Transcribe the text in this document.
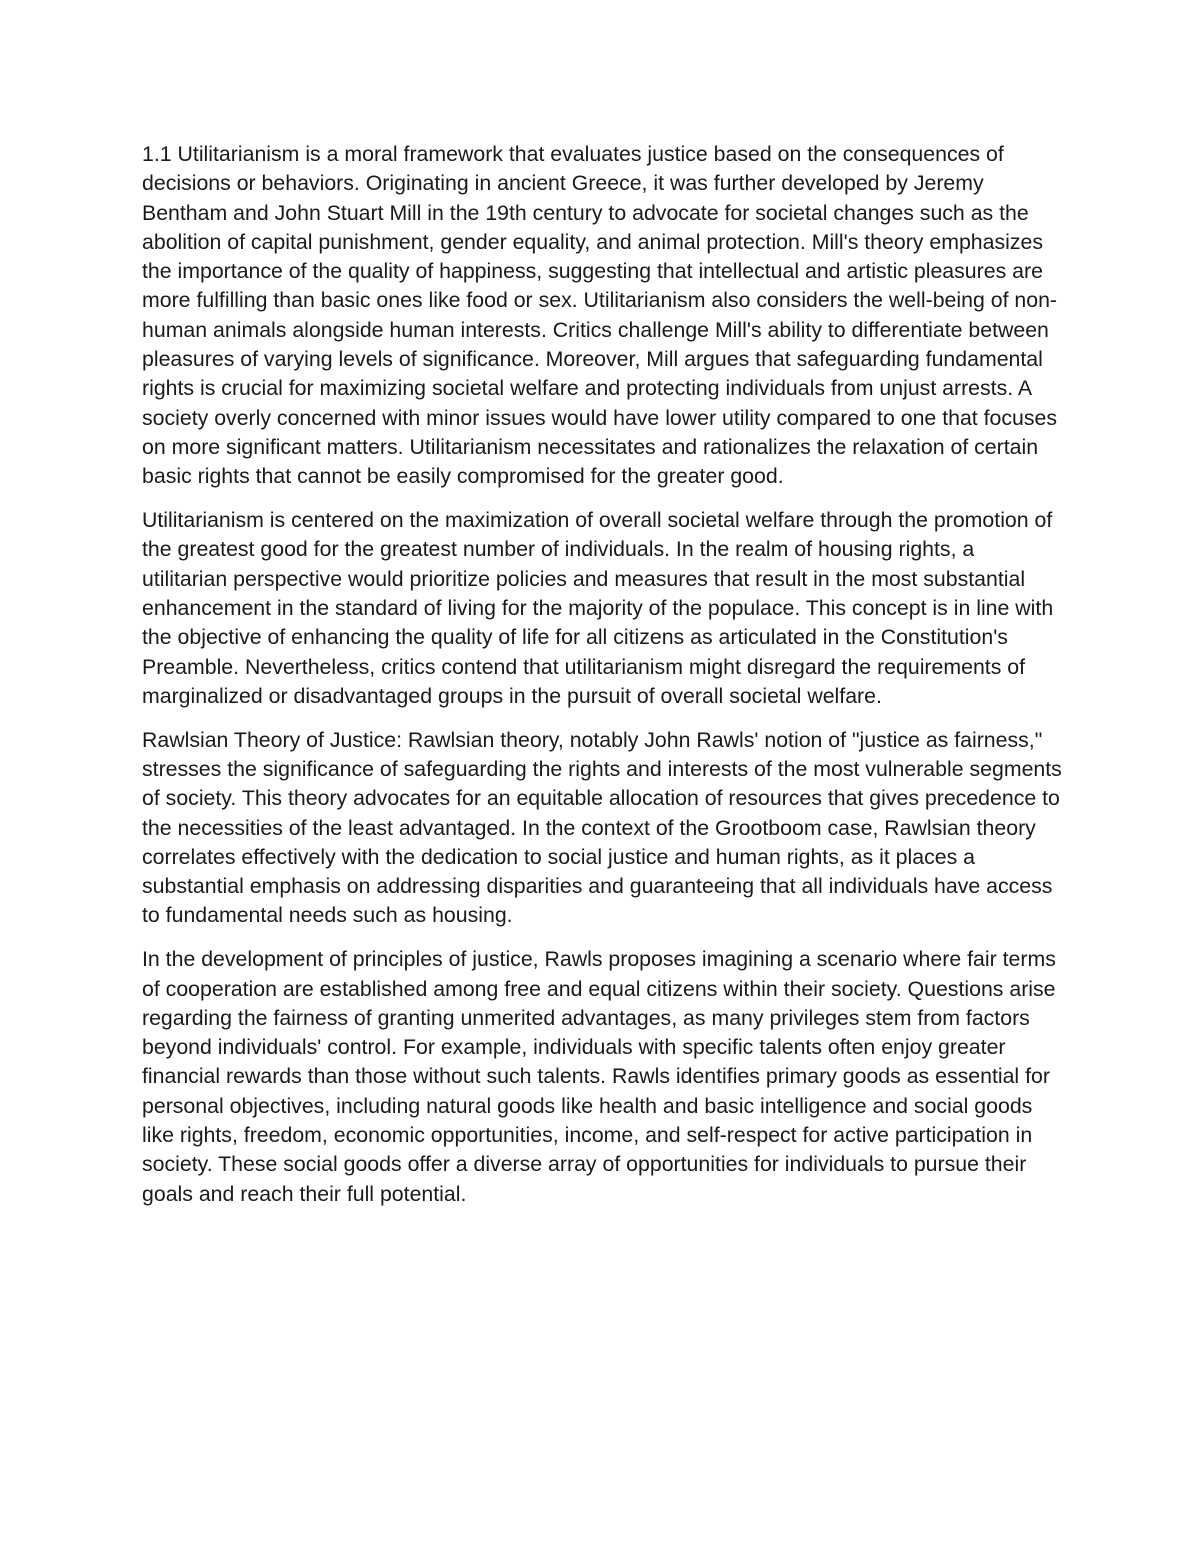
1.1 Utilitarianism is a moral framework that evaluates justice based on the consequences of decisions or behaviors. Originating in ancient Greece, it was further developed by Jeremy Bentham and John Stuart Mill in the 19th century to advocate for societal changes such as the abolition of capital punishment, gender equality, and animal protection. Mill's theory emphasizes the importance of the quality of happiness, suggesting that intellectual and artistic pleasures are more fulfilling than basic ones like food or sex. Utilitarianism also considers the well-being of non-human animals alongside human interests. Critics challenge Mill's ability to differentiate between pleasures of varying levels of significance. Moreover, Mill argues that safeguarding fundamental rights is crucial for maximizing societal welfare and protecting individuals from unjust arrests. A society overly concerned with minor issues would have lower utility compared to one that focuses on more significant matters. Utilitarianism necessitates and rationalizes the relaxation of certain basic rights that cannot be easily compromised for the greater good.

Utilitarianism is centered on the maximization of overall societal welfare through the promotion of the greatest good for the greatest number of individuals. In the realm of housing rights, a utilitarian perspective would prioritize policies and measures that result in the most substantial enhancement in the standard of living for the majority of the populace. This concept is in line with the objective of enhancing the quality of life for all citizens as articulated in the Constitution's Preamble. Nevertheless, critics contend that utilitarianism might disregard the requirements of marginalized or disadvantaged groups in the pursuit of overall societal welfare.

Rawlsian Theory of Justice: Rawlsian theory, notably John Rawls' notion of "justice as fairness," stresses the significance of safeguarding the rights and interests of the most vulnerable segments of society. This theory advocates for an equitable allocation of resources that gives precedence to the necessities of the least advantaged. In the context of the Grootboom case, Rawlsian theory correlates effectively with the dedication to social justice and human rights, as it places a substantial emphasis on addressing disparities and guaranteeing that all individuals have access to fundamental needs such as housing.

In the development of principles of justice, Rawls proposes imagining a scenario where fair terms of cooperation are established among free and equal citizens within their society. Questions arise regarding the fairness of granting unmerited advantages, as many privileges stem from factors beyond individuals' control. For example, individuals with specific talents often enjoy greater financial rewards than those without such talents. Rawls identifies primary goods as essential for personal objectives, including natural goods like health and basic intelligence and social goods like rights, freedom, economic opportunities, income, and self-respect for active participation in society. These social goods offer a diverse array of opportunities for individuals to pursue their goals and reach their full potential.
